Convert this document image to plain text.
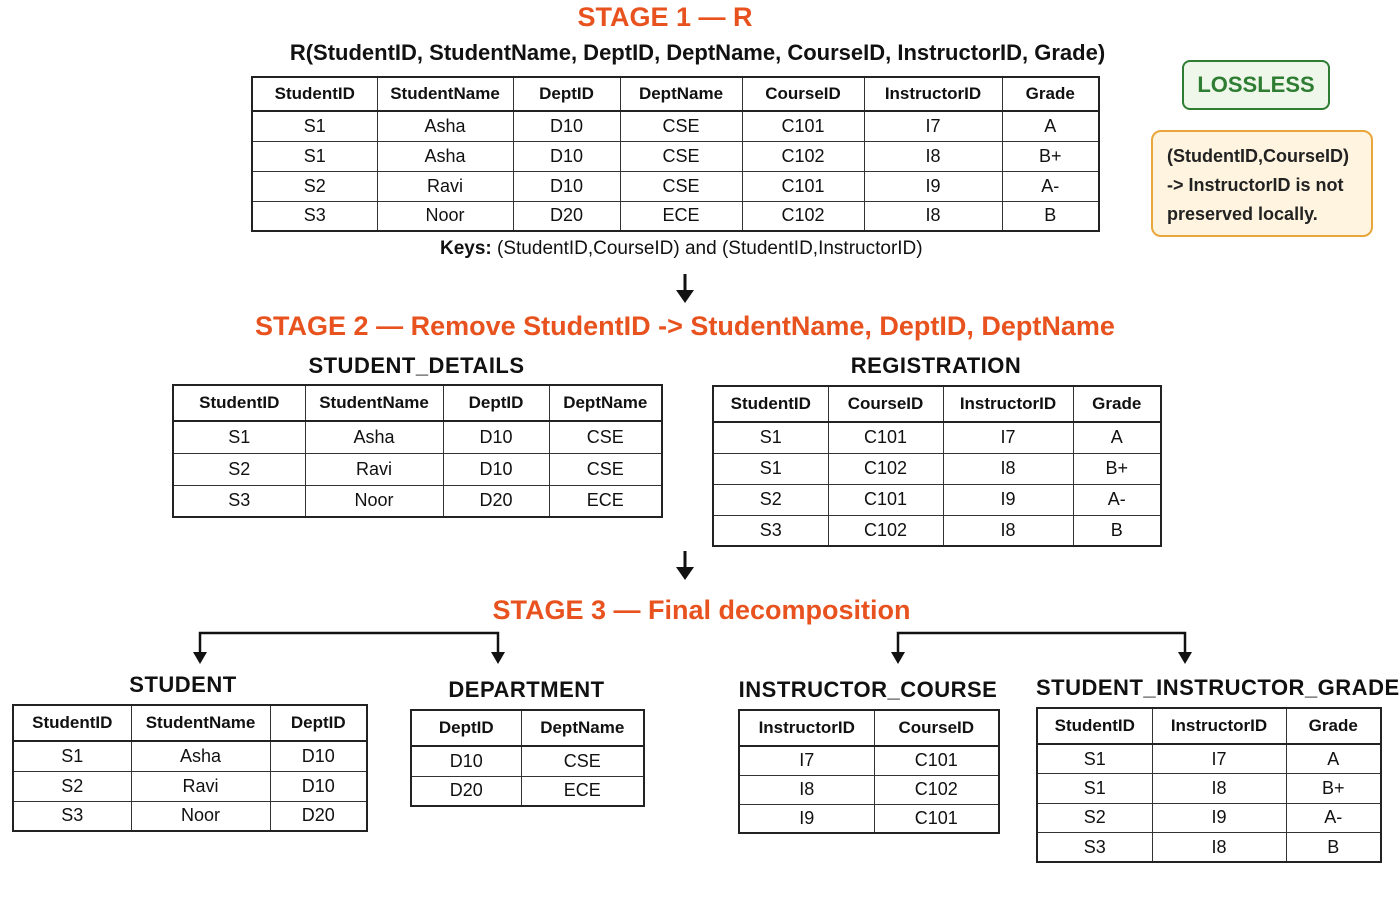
STAGE 1 — R
R(StudentID, StudentName, DeptID, DeptName, CourseID, InstructorID, Grade)
StudentID	StudentName	DeptID	DeptName	CourseID	InstructorID	Grade
S1	Asha	D10	CSE	C101	I7	A
S1	Asha	D10	CSE	C102	I8	B+
S2	Ravi	D10	CSE	C101	I9	A-
S3	Noor	D20	ECE	C102	I8	B
Keys: (StudentID,CourseID) and (StudentID,InstructorID)
LOSSLESS
(StudentID,CourseID) -> InstructorID is not preserved locally.
STAGE 2 — Remove StudentID -> StudentName, DeptID, DeptName
STUDENT_DETAILS
StudentID	StudentName	DeptID	DeptName
S1	Asha	D10	CSE
S2	Ravi	D10	CSE
S3	Noor	D20	ECE
REGISTRATION
StudentID	CourseID	InstructorID	Grade
S1	C101	I7	A
S1	C102	I8	B+
S2	C101	I9	A-
S3	C102	I8	B
STAGE 3 — Final decomposition
STUDENT
StudentID	StudentName	DeptID
S1	Asha	D10
S2	Ravi	D10
S3	Noor	D20
DEPARTMENT
DeptID	DeptName
D10	CSE
D20	ECE
INSTRUCTOR_COURSE
InstructorID	CourseID
I7	C101
I8	C102
I9	C101
STUDENT_INSTRUCTOR_GRADE
StudentID	InstructorID	Grade
S1	I7	A
S1	I8	B+
S2	I9	A-
S3	I8	B
